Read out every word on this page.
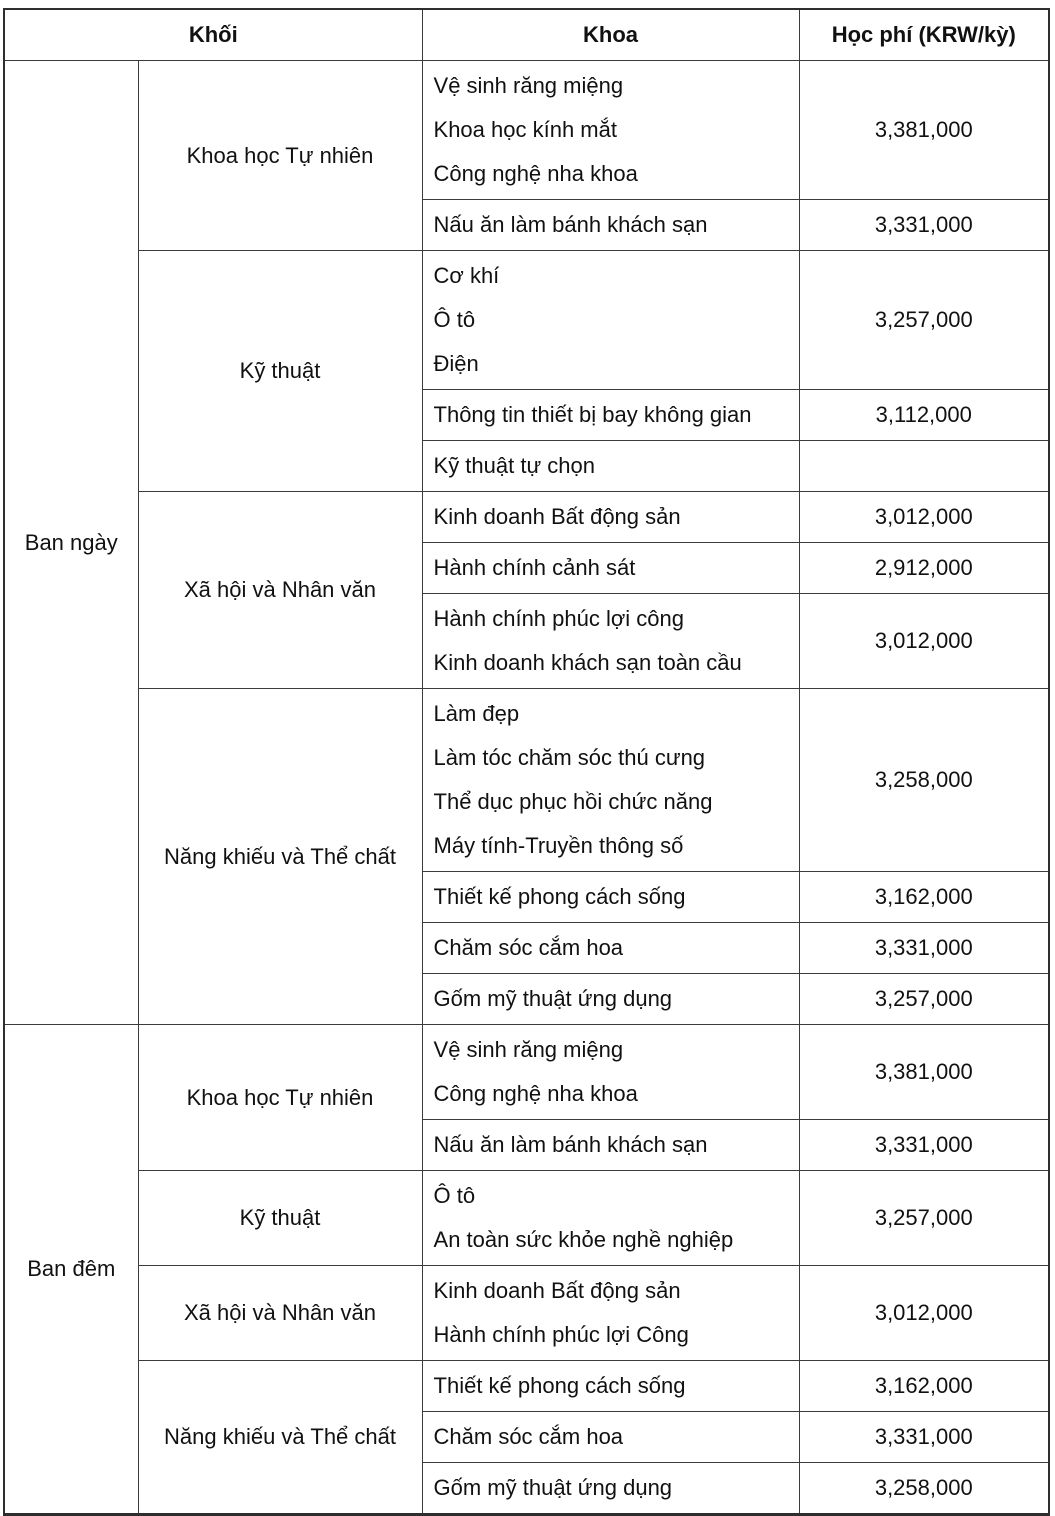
Khối		Khoa	Học phí (KRW/kỳ)
Ban ngày	Khoa học Tự nhiên	Vệ sinh răng miệng
Khoa học kính mắt
Công nghệ nha khoa	3,381,000

		Nấu ăn làm bánh khách sạn	3,331,000
	Kỹ thuật	Cơ khí
Ô tô
Điện	3,257,000

		Thông tin thiết bị bay không gian	3,112,000

		Kỹ thuật tự chọn	

	Xã hội và Nhân văn	Kinh doanh Bất động sản	3,012,000

		Hành chính cảnh sát	2,912,000

		Hành chính phúc lợi công
Kinh doanh khách sạn toàn cầu	3,012,000
	Năng khiếu và Thể chất	Làm đẹp
Làm tóc chăm sóc thú cưng
Thể dục phục hồi chức năng
Máy tính-Truyền thông số	3,258,000

		Thiết kế phong cách sống	3,162,000

		Chăm sóc cắm hoa	3,331,000

		Gốm mỹ thuật ứng dụng	3,257,000
Ban đêm	Khoa học Tự nhiên	Vệ sinh răng miệng
Công nghệ nha khoa	3,381,000

		Nấu ăn làm bánh khách sạn	3,331,000
	Kỹ thuật	Ô tô
An toàn sức khỏe nghề nghiệp	3,257,000
	Xã hội và Nhân văn	Kinh doanh Bất động sản
Hành chính phúc lợi Công	3,012,000
	Năng khiếu và Thể chất	Thiết kế phong cách sống	3,162,000

		Chăm sóc cắm hoa	3,331,000

		Gốm mỹ thuật ứng dụng	3,258,000
